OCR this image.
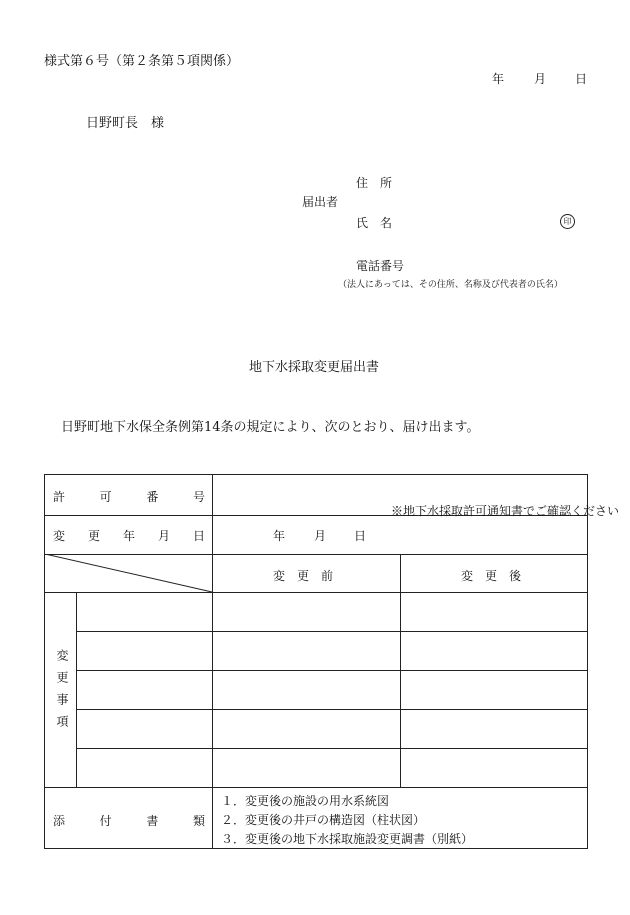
様式第６号（第２条第５項関係）
年 月 日
日野町長　様
住　所
届出者
氏　名	印
電話番号
（法人にあっては、その住所、名称及び代表者の氏名）
地下水採取変更届出書
日野町地下水保全条例第14条の規定により、次のとおり、届け出ます。
許　可　番　号
※地下水採取許可通知書でご確認ください
変　更　年　月　日	年 月 日
変　更　前	変　更　後
変更事項
添　付　書　類
１．変更後の施設の用水系統図
２．変更後の井戸の構造図（柱状図）
３．変更後の地下水採取施設変更調書（別紙）
